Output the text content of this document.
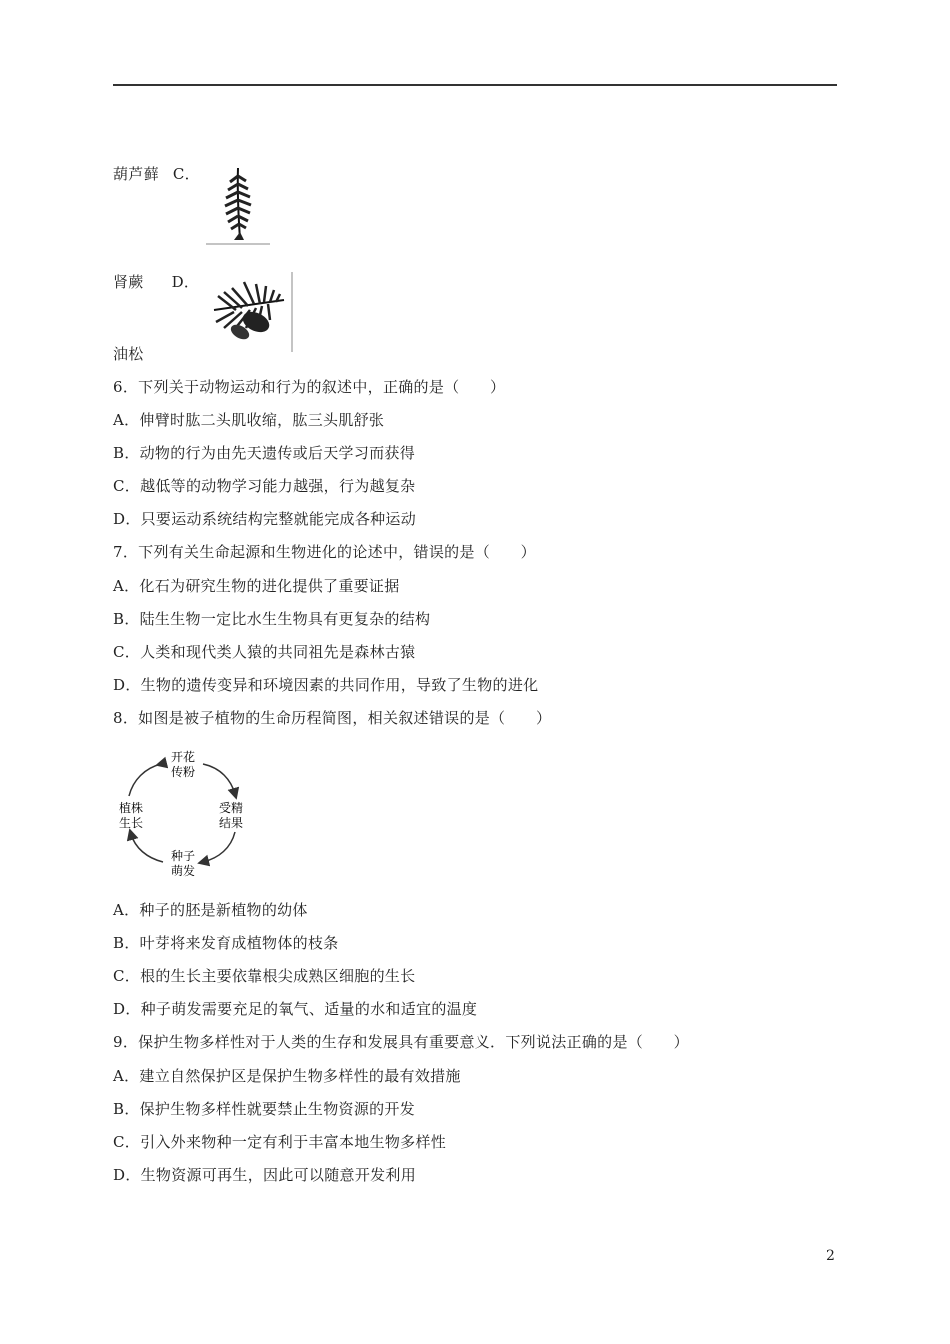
葫芦藓 C．
肾蕨 D．
油松
6．下列关于动物运动和行为的叙述中，正确的是（　　）
A．伸臂时肱二头肌收缩，肱三头肌舒张
B．动物的行为由先天遗传或后天学习而获得
C．越低等的动物学习能力越强，行为越复杂
D．只要运动系统结构完整就能完成各种运动
7．下列有关生命起源和生物进化的论述中，错误的是（　　）
A．化石为研究生物的进化提供了重要证据
B．陆生生物一定比水生生物具有更复杂的结构
C．人类和现代类人猿的共同祖先是森林古猿
D．生物的遗传变异和环境因素的共同作用，导致了生物的进化
8．如图是被子植物的生命历程简图，相关叙述错误的是（　　）
开花
传粉
受精
结果
种子
萌发
植株
生长
A．种子的胚是新植物的幼体
B．叶芽将来发育成植物体的枝条
C．根的生长主要依靠根尖成熟区细胞的生长
D．种子萌发需要充足的氧气、适量的水和适宜的温度
9．保护生物多样性对于人类的生存和发展具有重要意义．下列说法正确的是（　　）
A．建立自然保护区是保护生物多样性的最有效措施
B．保护生物多样性就要禁止生物资源的开发
C．引入外来物种一定有利于丰富本地生物多样性
D．生物资源可再生，因此可以随意开发利用
2
